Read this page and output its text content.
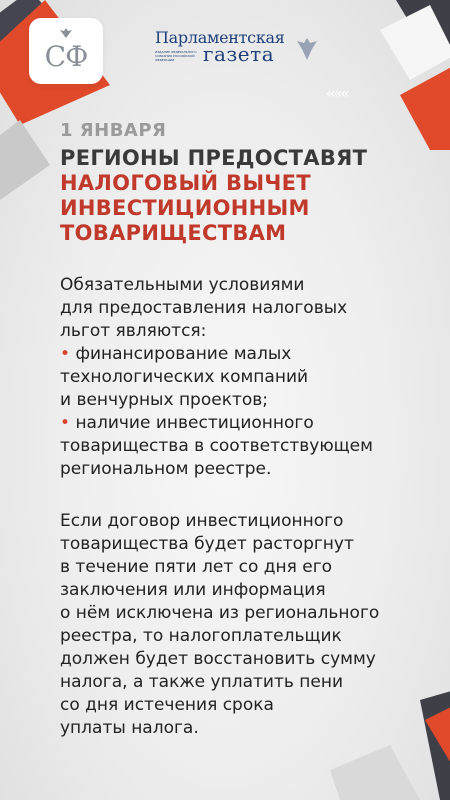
СФ
Парламентская
ИЗДАНИЕ ФЕДЕРАЛЬНОГО СОБРАНИЯ РОССИЙСКОЙ ФЕДЕРАЦИИ	газета
‹‹‹‹‹‹
1 ЯНВАРЯ
РЕГИОНЫ ПРЕДОСТАВЯТ
НАЛОГОВЫЙ ВЫЧЕТ
ИНВЕСТИЦИОННЫМ
ТОВАРИЩЕСТВАМ
Обязательными условиями
для предоставления налоговых
льгот являются:
• финансирование малых
технологических компаний
и венчурных проектов;
• наличие инвестиционного
товарищества в соответствующем
региональном реестре.
Если договор инвестиционного
товарищества будет расторгнут
в течение пяти лет со дня его
заключения или информация
о нём исключена из регионального
реестра, то налогоплательщик
должен будет восстановить сумму
налога, а также уплатить пени
со дня истечения срока
уплаты налога.
